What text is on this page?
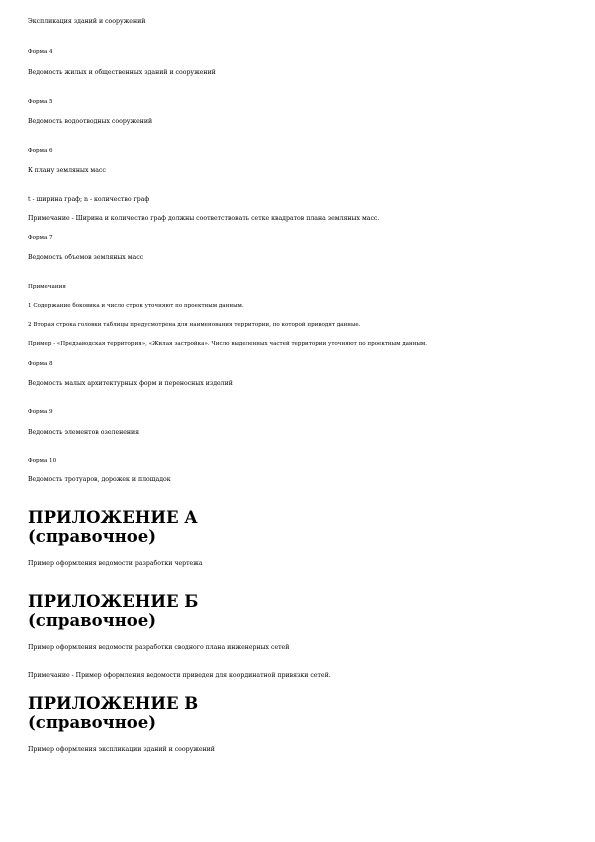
Экспликация зданий и сооружений
Форма 4
Ведомость жилых и общественных зданий и сооружений
Форма 5
Ведомость водоотводных сооружений
Форма 6
К плану земляных масс
t - ширина граф; n - количество граф
Примечание - Ширина и количество граф должны соответствовать сетке квадратов плана земляных масс.
Форма 7
Ведомость объемов земляных масс
Примечания
1 Содержание боковика и число строк уточняют по проектным данным.
2 Вторая строка головки таблицы предусмотрена для наименования территории, по которой приводят данные.
Пример - «Предзаводская территория», «Жилая застройка». Число выделенных частей территории уточняют по проектным данным.
Форма 8
Ведомость малых архитектурных форм и переносных изделий
Форма 9
Ведомость элементов озеленения
Форма 10
Ведомость тротуаров, дорожек и площадок
ПРИЛОЖЕНИЕ А
(справочное)
Пример оформления ведомости разработки чертежа
ПРИЛОЖЕНИЕ Б
(справочное)
Пример оформления ведомости разработки сводного плана инженерных сетей
Примечание - Пример оформления ведомости приведен для координатной привязки сетей.
ПРИЛОЖЕНИЕ В
(справочное)
Пример оформления экспликации зданий и сооружений
